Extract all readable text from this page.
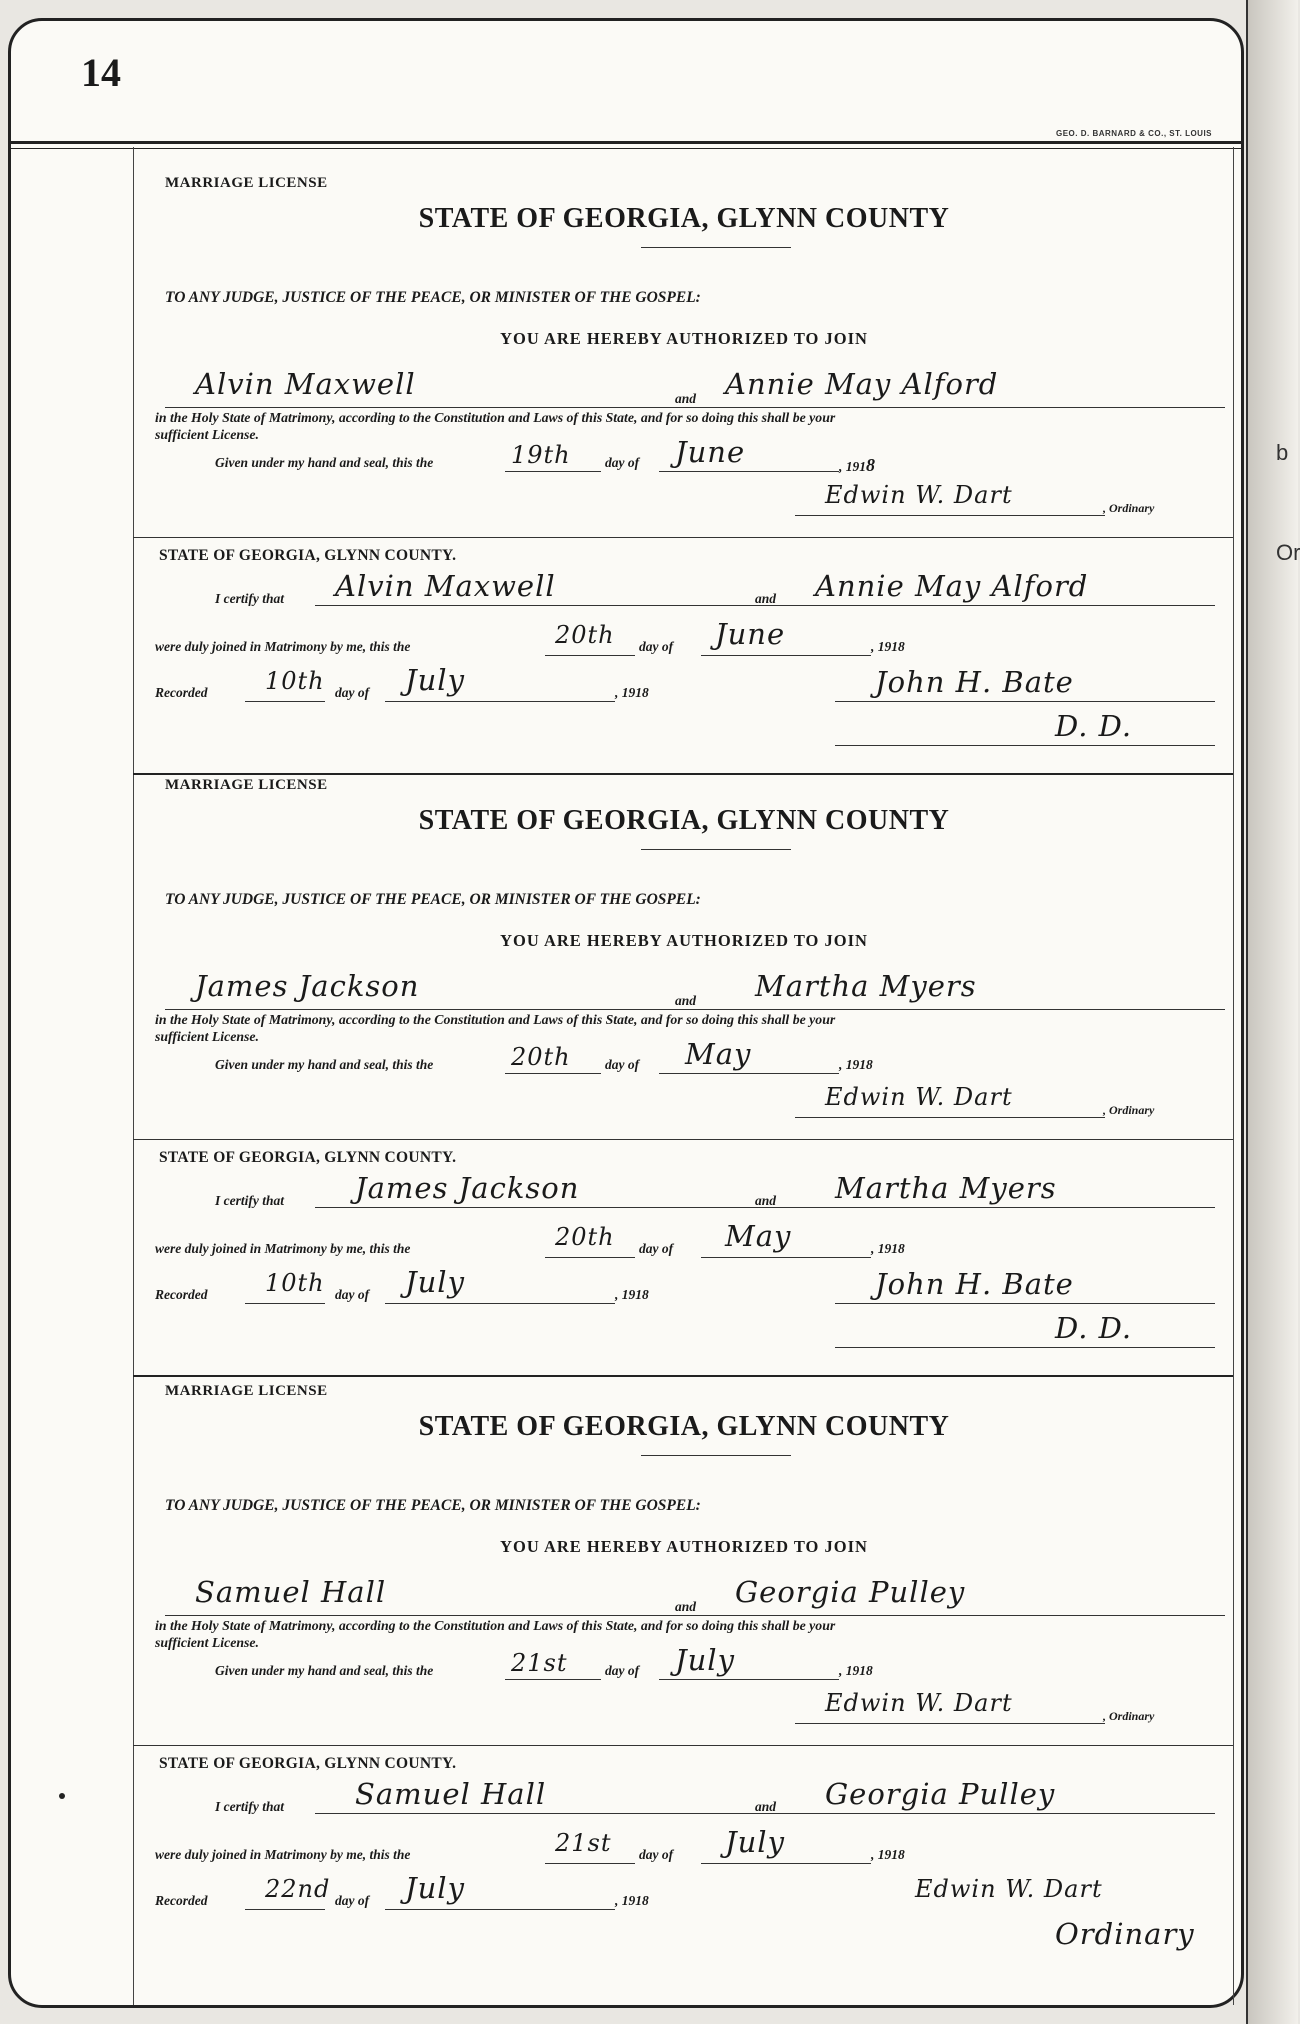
b
Or
14
GEO. D. BARNARD & CO., ST. LOUIS
MARRIAGE LICENSE
STATE OF GEORGIA, GLYNN COUNTY
TO ANY JUDGE, JUSTICE OF THE PEACE, OR MINISTER OF THE GOSPEL:
YOU ARE HEREBY AUTHORIZED TO JOIN
Alvin Maxwell	and Annie May Alford
in the Holy State of Matrimony, according to the Constitution and Laws of this State, and for so doing this shall be your
sufficient License.
Given under my hand and seal, this the	19th	day of June	, 1918
Edwin W. Dart	, Ordinary
STATE OF GEORGIA, GLYNN COUNTY.
I certify that Alvin Maxwell	and Annie May Alford
were duly joined in Matrimony by me, this the	20th day of June	, 1918
Recorded 10th day of July	, 1918	John H. Bate
D. D.
MARRIAGE LICENSE
STATE OF GEORGIA, GLYNN COUNTY
TO ANY JUDGE, JUSTICE OF THE PEACE, OR MINISTER OF THE GOSPEL:
YOU ARE HEREBY AUTHORIZED TO JOIN
James Jackson	and Martha Myers
in the Holy State of Matrimony, according to the Constitution and Laws of this State, and for so doing this shall be your
sufficient License.
Given under my hand and seal, this the	20th	day of May	, 1918
Edwin W. Dart	, Ordinary
STATE OF GEORGIA, GLYNN COUNTY.
I certify that James Jackson	and Martha Myers
were duly joined in Matrimony by me, this the	20th day of May	, 1918
Recorded 10th day of July	, 1918	John H. Bate
D. D.
MARRIAGE LICENSE
STATE OF GEORGIA, GLYNN COUNTY
TO ANY JUDGE, JUSTICE OF THE PEACE, OR MINISTER OF THE GOSPEL:
YOU ARE HEREBY AUTHORIZED TO JOIN
Samuel Hall	and Georgia Pulley
in the Holy State of Matrimony, according to the Constitution and Laws of this State, and for so doing this shall be your
sufficient License.
Given under my hand and seal, this the	21st	day of July	, 1918
Edwin W. Dart	, Ordinary
STATE OF GEORGIA, GLYNN COUNTY.
I certify that Samuel Hall	and Georgia Pulley
were duly joined in Matrimony by me, this the	21st day of July	, 1918
Recorded 22nd day of July	, 1918	Edwin W. Dart
Ordinary
